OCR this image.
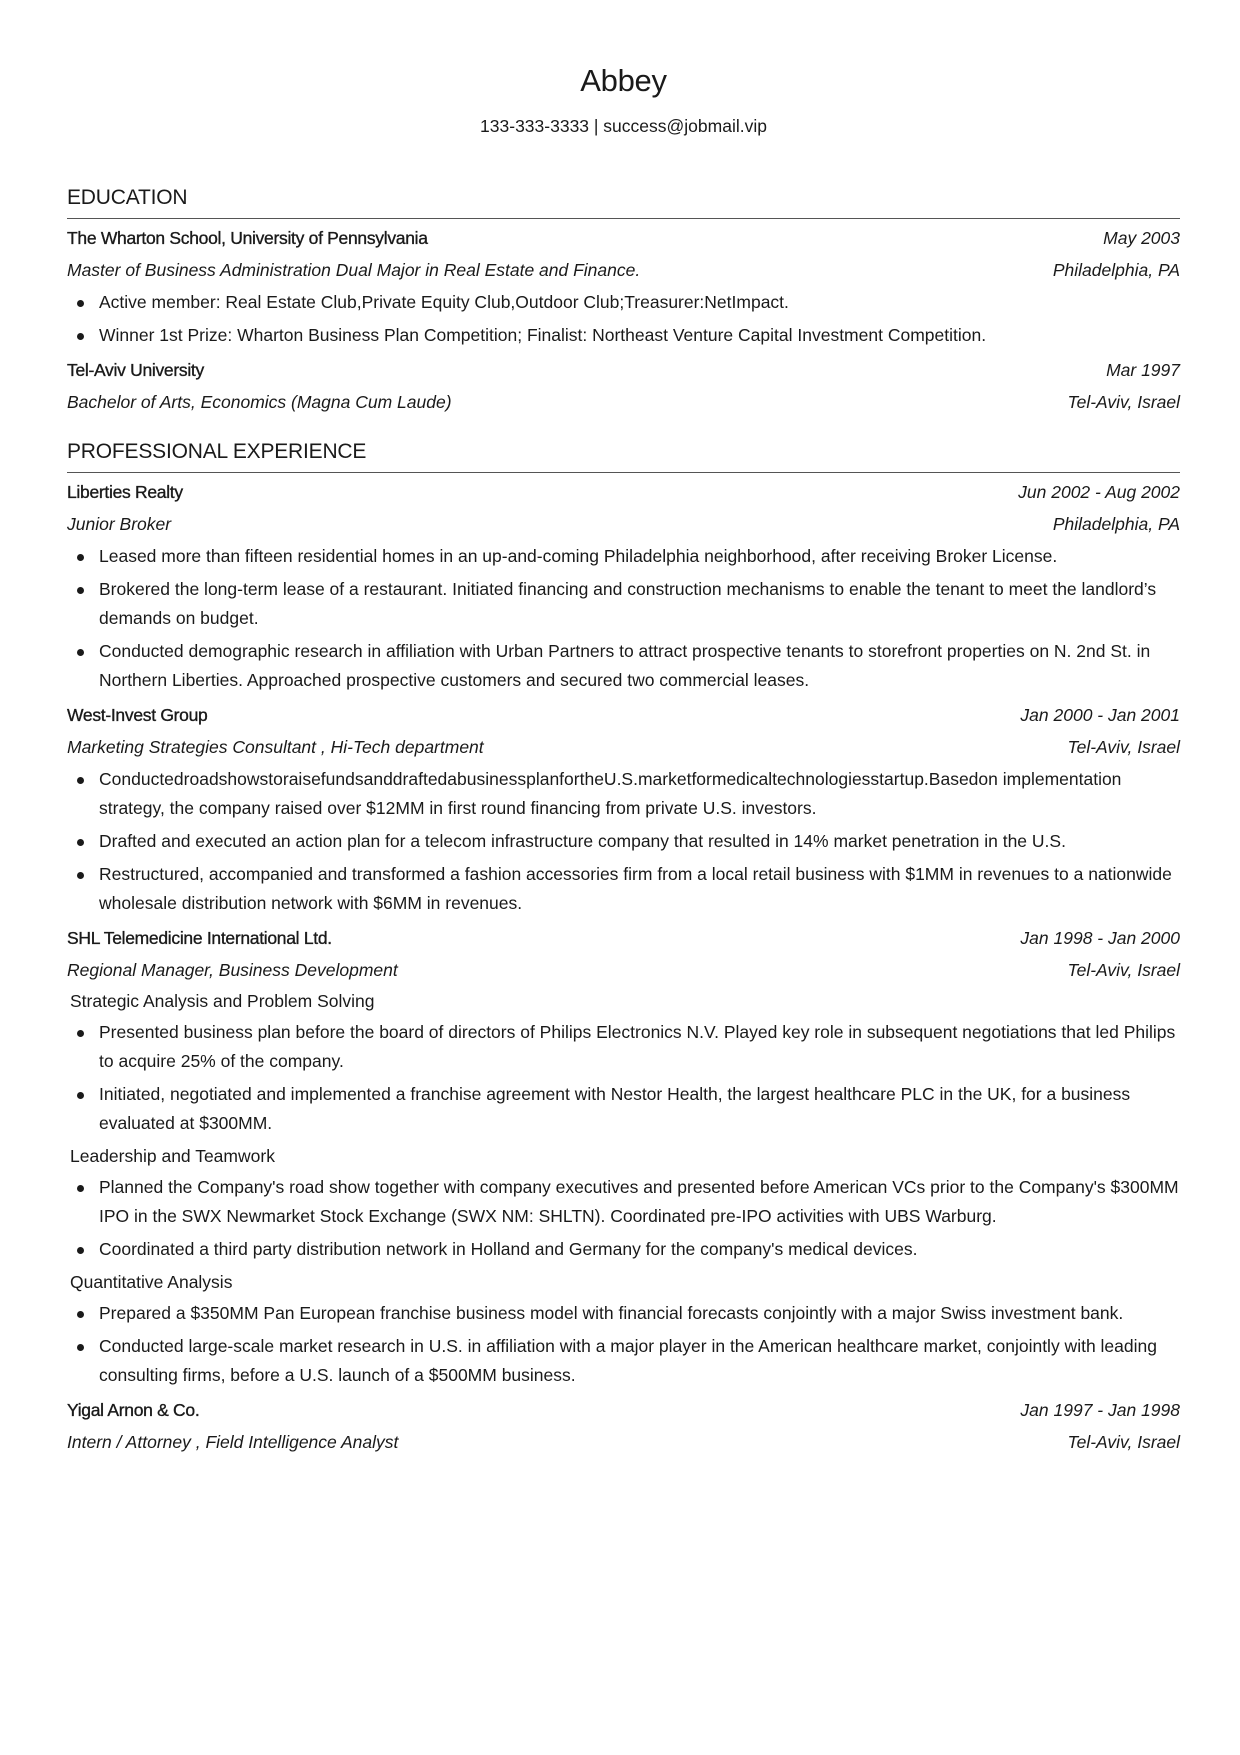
Abbey
133-333-3333 | success@jobmail.vip
EDUCATION
The Wharton School, University of Pennsylvania	May 2003
Master of Business Administration Dual Major in Real Estate and Finance.	Philadelphia, PA
Active member: Real Estate Club,Private Equity Club,Outdoor Club;Treasurer:NetImpact.
Winner 1st Prize: Wharton Business Plan Competition; Finalist: Northeast Venture Capital Investment Competition.
Tel-Aviv University	Mar 1997
Bachelor of Arts, Economics (Magna Cum Laude)	Tel-Aviv, Israel
PROFESSIONAL EXPERIENCE
Liberties Realty	Jun 2002 - Aug 2002
Junior Broker	Philadelphia, PA
Leased more than fifteen residential homes in an up-and-coming Philadelphia neighborhood, after receiving Broker License.
Brokered the long-term lease of a restaurant. Initiated financing and construction mechanisms to enable the tenant to meet the landlord’s demands on budget.
Conducted demographic research in affiliation with Urban Partners to attract prospective tenants to storefront properties on N. 2nd St. in Northern Liberties. Approached prospective customers and secured two commercial leases.
West-Invest Group	Jan 2000 - Jan 2001
Marketing Strategies Consultant , Hi-Tech department	Tel-Aviv, Israel
ConductedroadshowstoraisefundsanddraftedabusinessplanfortheU.S.marketformedicaltechnologiesstartup.Basedon implementation strategy, the company raised over $12MM in first round financing from private U.S. investors.
Drafted and executed an action plan for a telecom infrastructure company that resulted in 14% market penetration in the U.S.
Restructured, accompanied and transformed a fashion accessories firm from a local retail business with $1MM in revenues to a nationwide wholesale distribution network with $6MM in revenues.
SHL Telemedicine International Ltd.	Jan 1998 - Jan 2000
Regional Manager, Business Development	Tel-Aviv, Israel
Strategic Analysis and Problem Solving
Presented business plan before the board of directors of Philips Electronics N.V. Played key role in subsequent negotiations that led Philips to acquire 25% of the company.
Initiated, negotiated and implemented a franchise agreement with Nestor Health, the largest healthcare PLC in the UK, for a business evaluated at $300MM.
Leadership and Teamwork
Planned the Company's road show together with company executives and presented before American VCs prior to the Company's $300MM IPO in the SWX Newmarket Stock Exchange (SWX NM: SHLTN). Coordinated pre-IPO activities with UBS Warburg.
Coordinated a third party distribution network in Holland and Germany for the company's medical devices.
Quantitative Analysis
Prepared a $350MM Pan European franchise business model with financial forecasts conjointly with a major Swiss investment bank.
Conducted large-scale market research in U.S. in affiliation with a major player in the American healthcare market, conjointly with leading consulting firms, before a U.S. launch of a $500MM business.
Yigal Arnon & Co.	Jan 1997 - Jan 1998
Intern / Attorney , Field Intelligence Analyst	Tel-Aviv, Israel
